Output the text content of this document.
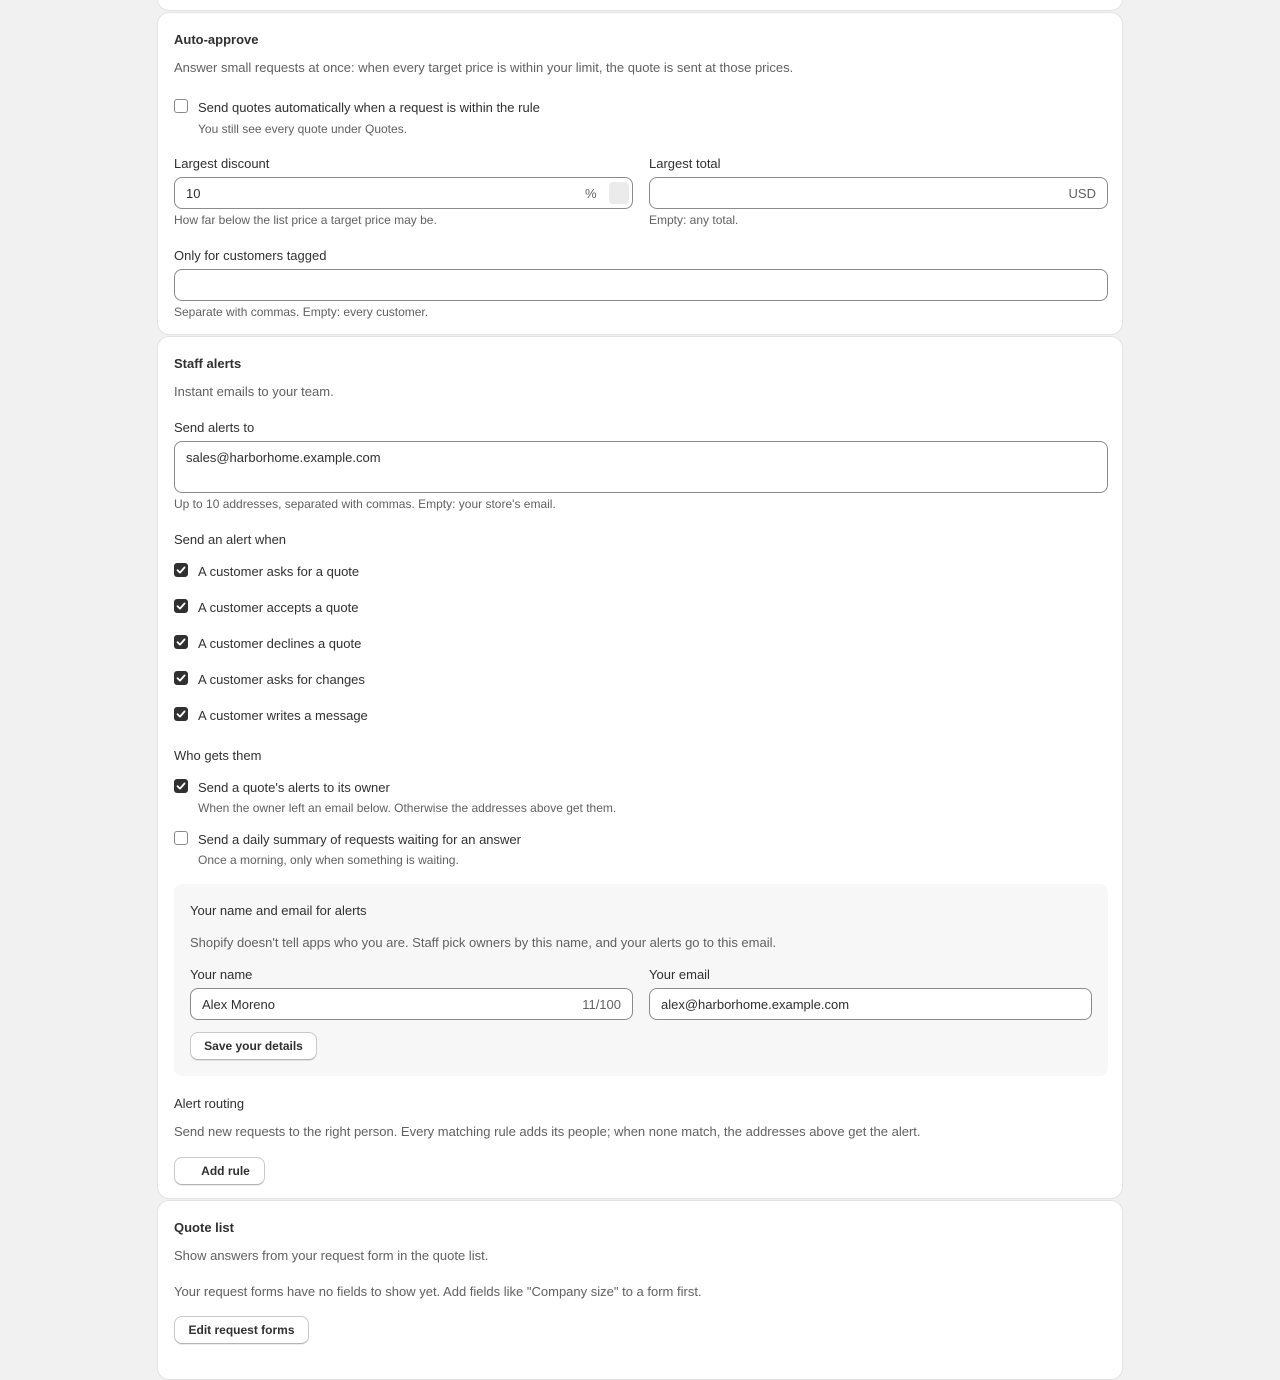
Auto-approve
Answer small requests at once: when every target price is within your limit, the quote is sent at those prices.
Send quotes automatically when a request is within the rule
You still see every quote under Quotes.
Largest discount
10	%
How far below the list price a target price may be.
Largest total
USD
Empty: any total.
Only for customers tagged
Separate with commas. Empty: every customer.
Staff alerts
Instant emails to your team.
Send alerts to
sales@harborhome.example.com
Up to 10 addresses, separated with commas. Empty: your store's email.
Send an alert when
A customer asks for a quote
A customer accepts a quote
A customer declines a quote
A customer asks for changes
A customer writes a message
Who gets them
Send a quote's alerts to its owner
When the owner left an email below. Otherwise the addresses above get them.
Send a daily summary of requests waiting for an answer
Once a morning, only when something is waiting.
Your name and email for alerts
Shopify doesn't tell apps who you are. Staff pick owners by this name, and your alerts go to this email.
Your name
Alex Moreno	11/100
Your email
alex@harborhome.example.com
Save your details
Alert routing
Send new requests to the right person. Every matching rule adds its people; when none match, the addresses above get the alert.
Add rule
Quote list
Show answers from your request form in the quote list.
Your request forms have no fields to show yet. Add fields like "Company size" to a form first.
Edit request forms
